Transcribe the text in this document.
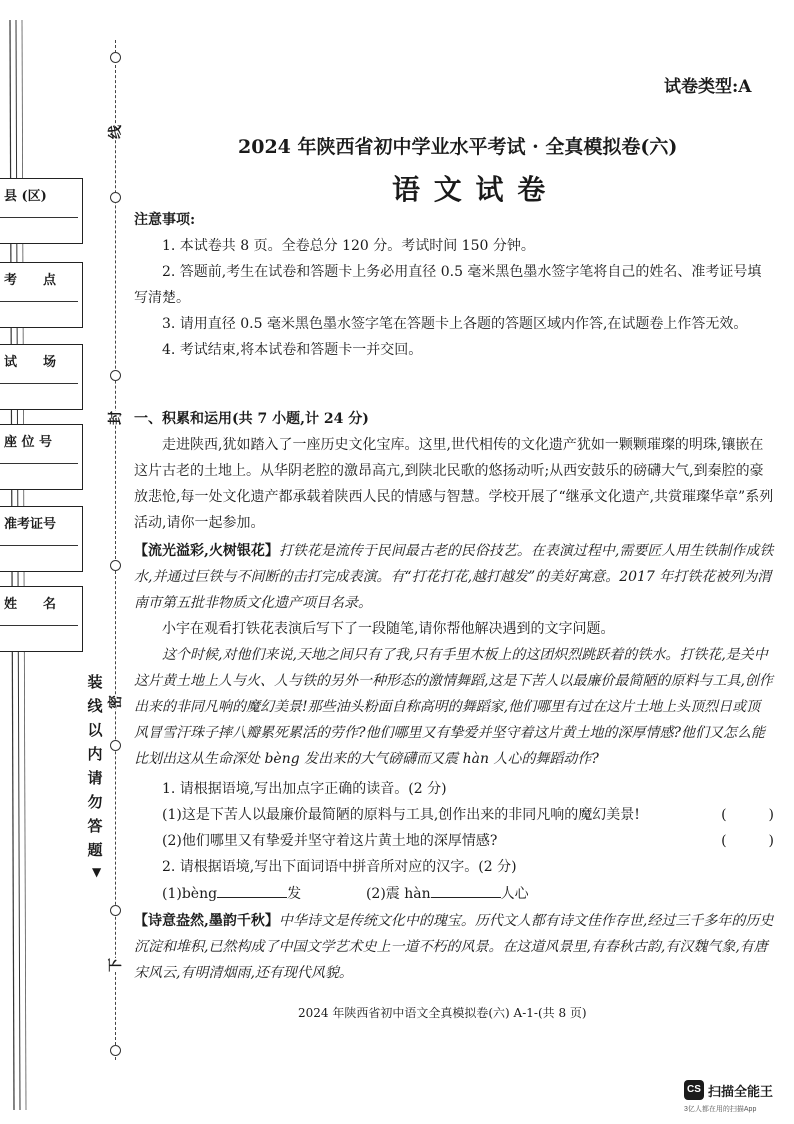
县 (区)
考　　点
试　　场
座 位 号
准考证号
姓　　名
线
封
密
下
装线以内请勿答题
▼
试卷类型:A
2024 年陕西省初中学业水平考试 · 全真模拟卷(六)
语 文 试 卷

注意事项:

1. 本试卷共 8 页。全卷总分 120 分。考试时间 150 分钟。

2. 答题前,考生在试卷和答题卡上务必用直径 0.5 毫米黑色墨水签字笔将自己的姓名、准考证号填写清楚。

3. 请用直径 0.5 毫米黑色墨水签字笔在答题卡上各题的答题区域内作答,在试题卷上作答无效。

4. 考试结束,将本试卷和答题卡一并交回。

一、积累和运用(共 7 小题,计 24 分)

走进陕西,犹如踏入了一座历史文化宝库。这里,世代相传的文化遗产犹如一颗颗璀璨的明珠,镶嵌在这片古老的土地上。从华阴老腔的激昂高亢,到陕北民歌的悠扬动听;从西安鼓乐的磅礴大气,到秦腔的豪放悲怆,每一处文化遗产都承载着陕西人民的情感与智慧。学校开展了“继承文化遗产,共赏璀璨华章”系列活动,请你一起参加。

【流光溢彩,火树银花】打铁花是流传于民间最古老的民俗技艺。在表演过程中,需要匠人用生铁制作成铁水,并通过巨铁与不间断的击打完成表演。有“打花打花,越打越发”的美好寓意。2017 年打铁花被列为渭南市第五批非物质文化遗产项目名录。

小宇在观看打铁花表演后写下了一段随笔,请你帮他解决遇到的文字问题。

这个时候,对他们来说,天地之间只有了我,只有手里木板上的这团炽烈跳跃着的铁水。打铁花,是关中这片黄土地上人与火、人与铁的另外一种形态的激情舞蹈,这是下苦人以最廉价最简陋的原料与工具,创作出来的非同凡响的魔幻美景!那些油头粉面自称高明的舞蹈家,他们哪里有过在这片土地上头顶烈日或顶风冒雪汗珠子摔八瓣累死累活的劳作?他们哪里又有挚爱并坚守着这片黄土地的深厚情感?他们又怎么能比划出这从生命深处 bèng 发出来的大气磅礴而又震 hàn 人心的舞蹈动作?

1. 请根据语境,写出加点字正确的读音。(2 分)

(1)这是下苦人以最廉价最简陋的原料与工具,创作出来的非同凡响的魔幻美景!	(　　　)
(2)他们哪里又有挚爱并坚守着这片黄土地的深厚情感?	(　　　)

2. 请根据语境,写出下面词语中拼音所对应的汉字。(2 分)

(1)bèng	发	(2)震 hàn	人心

【诗意盎然,墨韵千秋】中华诗文是传统文化中的瑰宝。历代文人都有诗文佳作存世,经过三千多年的历史沉淀和堆积,已然构成了中国文学艺术史上一道不朽的风景。在这道风景里,有春秋古韵,有汉魏气象,有唐宋风云,有明清烟雨,还有现代风貌。

2024 年陕西省初中语文全真模拟卷(六) A-1-(共 8 页)
CS 扫描全能王
3亿人都在用的扫描App
